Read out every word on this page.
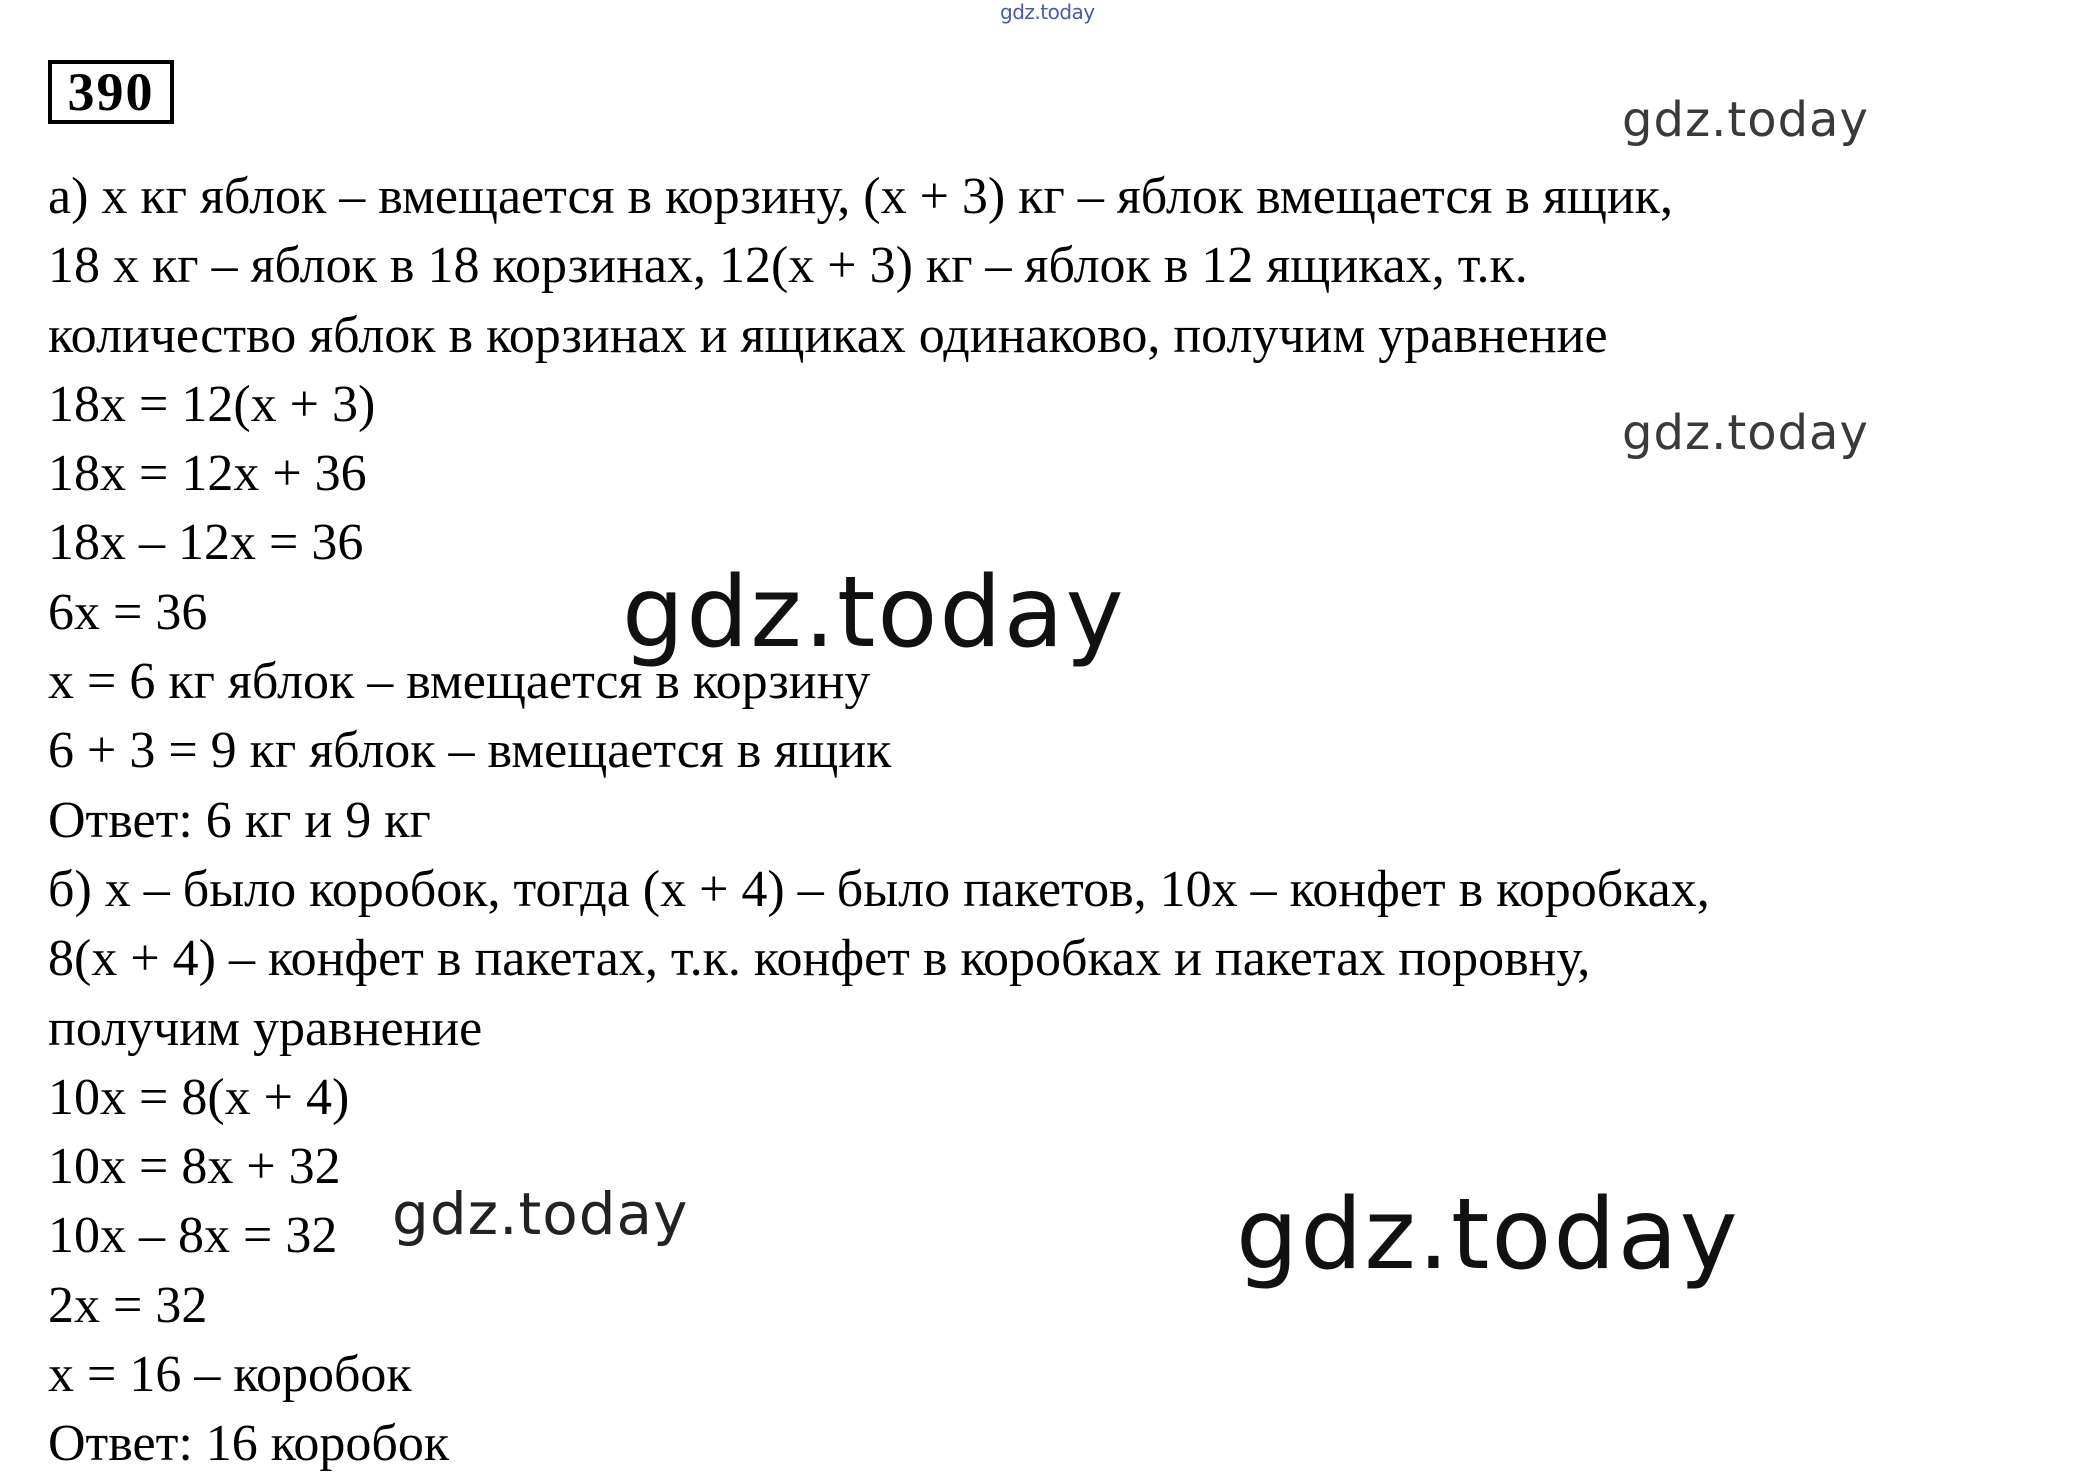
gdz.today
390
а) x кг яблок – вмещается в корзину, (x + 3) кг – яблок вмещается в ящик,
18 x кг – яблок в 18 корзинах, 12(x + 3) кг – яблок в 12 ящиках, т.к.
количество яблок в корзинах и ящиках одинаково, получим уравнение
18x = 12(x + 3)
18x = 12x + 36
18x – 12x = 36
6x = 36
x = 6 кг яблок – вмещается в корзину
6 + 3 = 9 кг яблок – вмещается в ящик
Ответ: 6 кг и 9 кг
б) x – было коробок, тогда (x + 4) – было пакетов, 10x – конфет в коробках,
8(x + 4) – конфет в пакетах, т.к. конфет в коробках и пакетах поровну,
получим уравнение
10x = 8(x + 4)
10x = 8x + 32
10x – 8x = 32
2x = 32
x = 16 – коробок
Ответ: 16 коробок
gdz.today
gdz.today
gdz.today
gdz.today	gdz.today
